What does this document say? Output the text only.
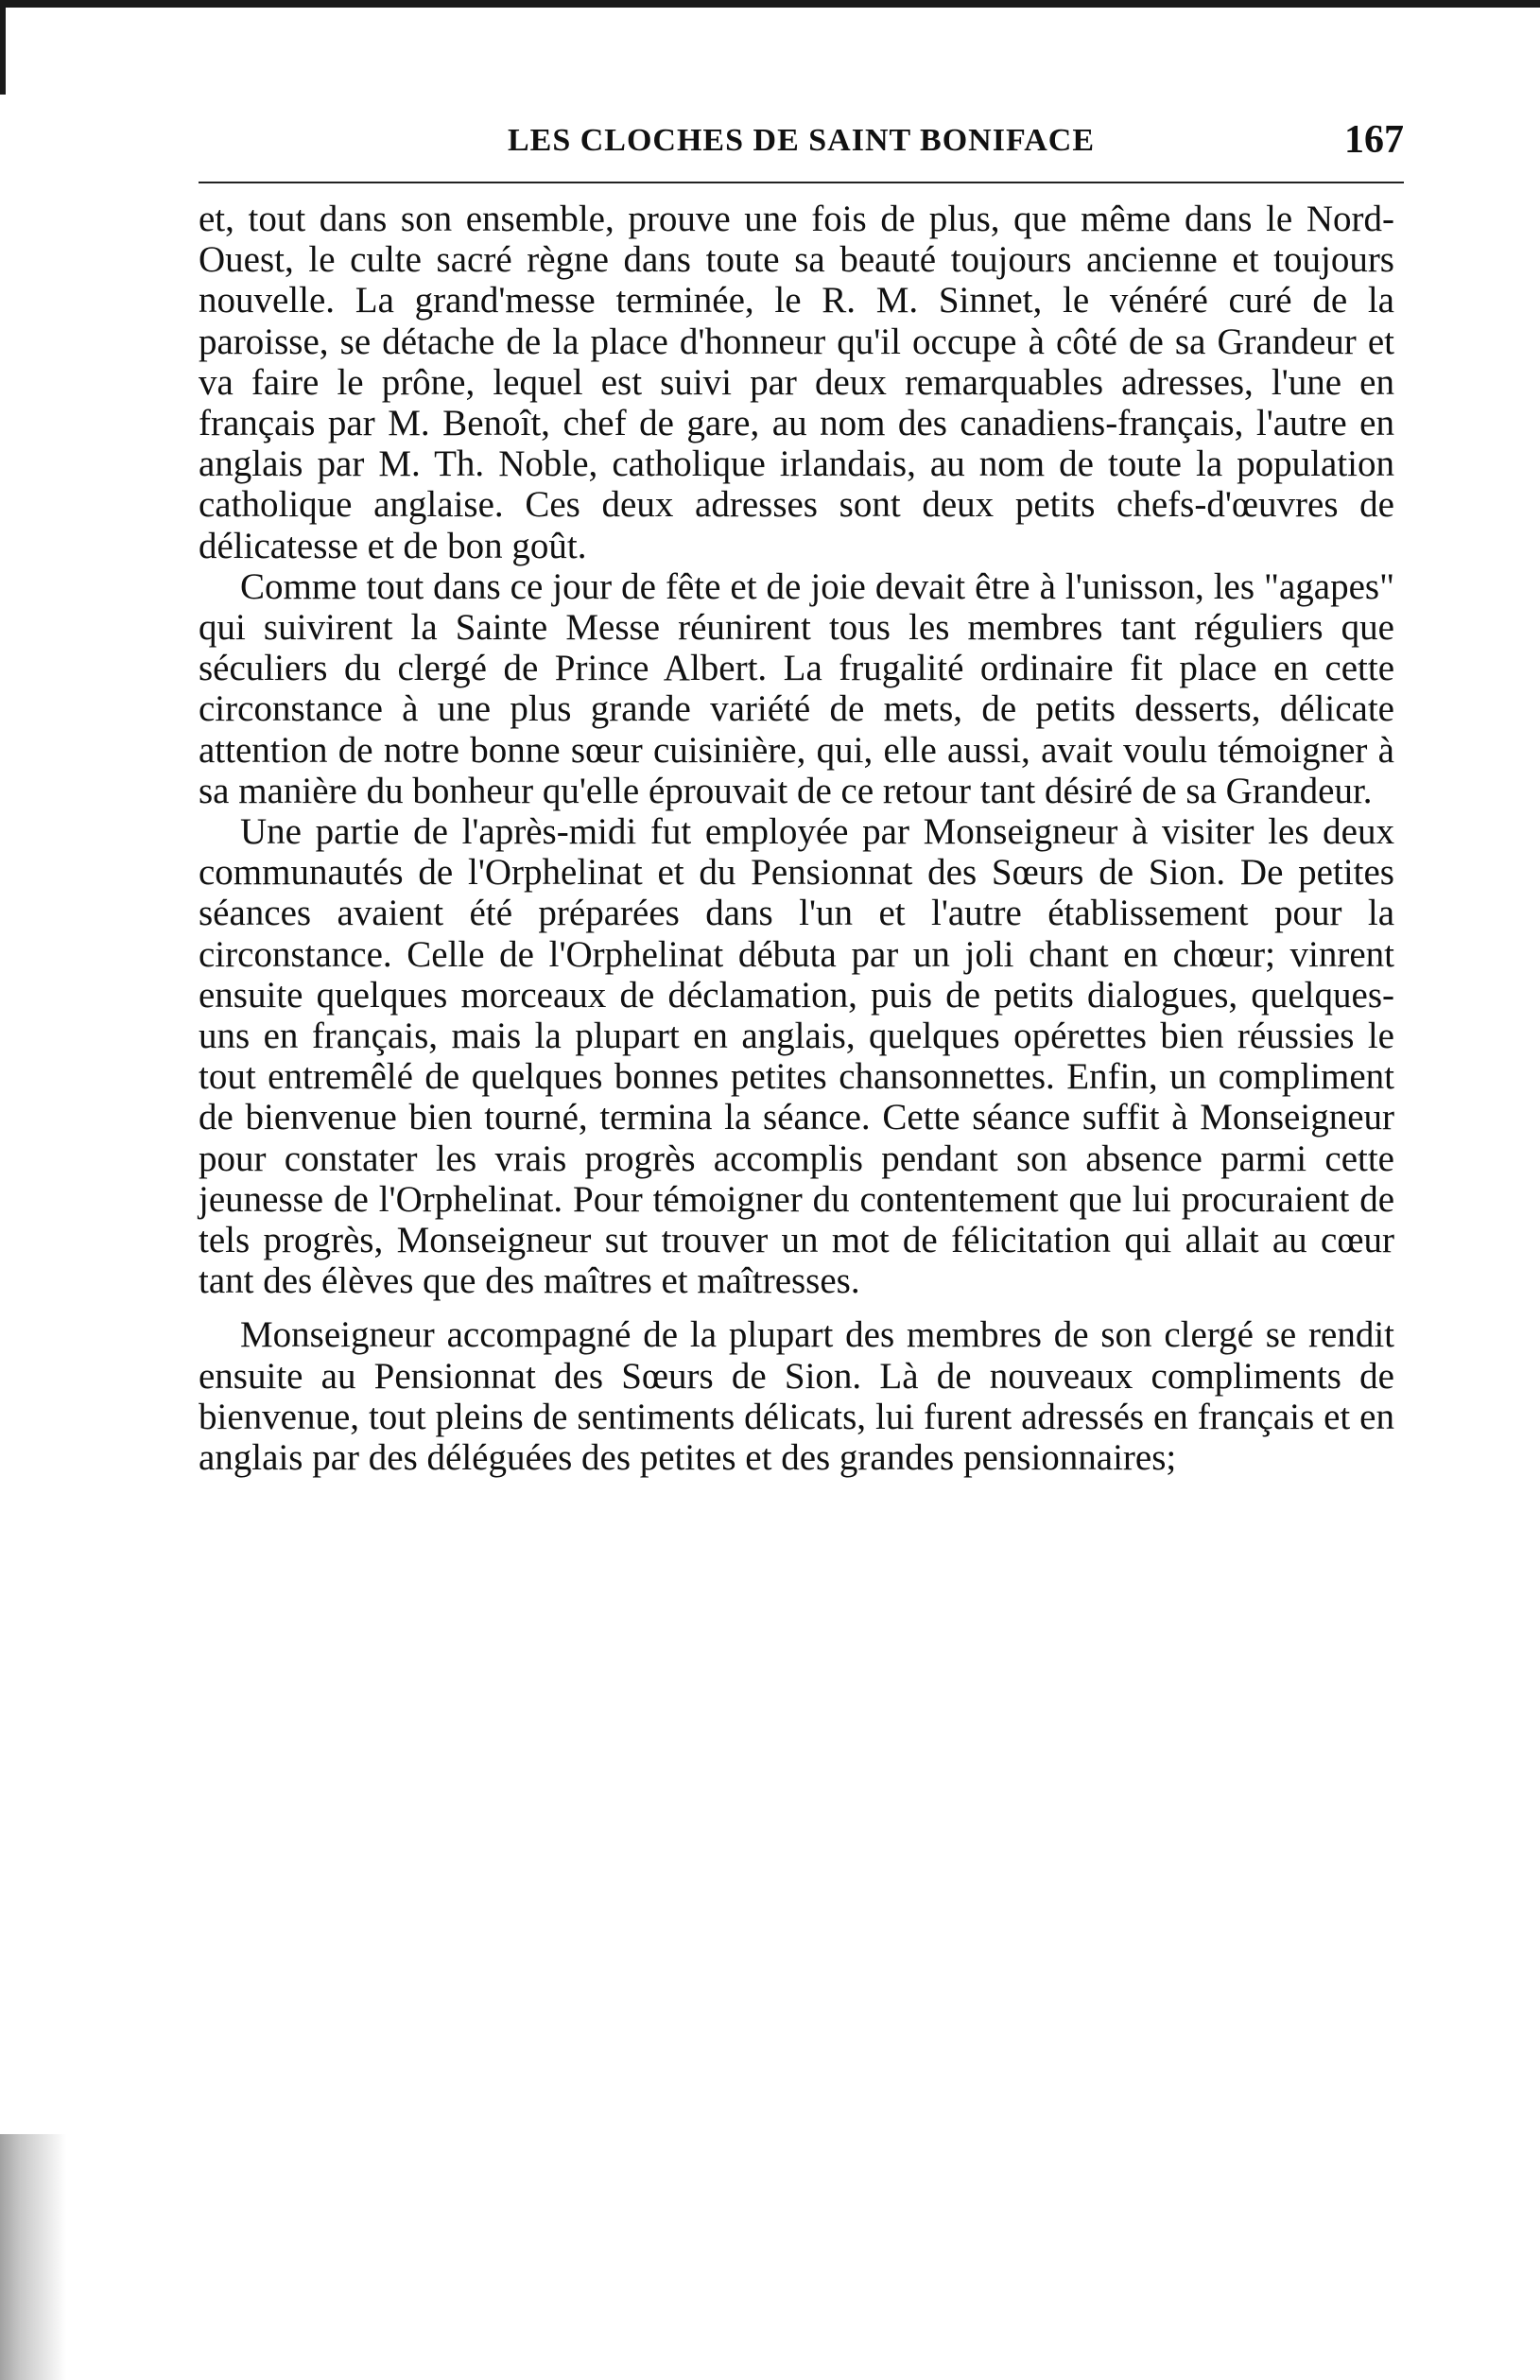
LES CLOCHES DE SAINT BONIFACE	167

et, tout dans son ensemble, prouve une fois de plus, que même dans le Nord-Ouest, le culte sacré règne dans toute sa beauté toujours ancienne et toujours nouvelle. La grand'messe terminée, le R. M. Sinnet, le vénéré curé de la paroisse, se détache de la place d'honneur qu'il occupe à côté de sa Grandeur et va faire le prône, lequel est suivi par deux remarquables adresses, l'une en français par M. Benoît, chef de gare, au nom des canadiens-français, l'autre en anglais par M. Th. Noble, catholique irlandais, au nom de toute la population catholique anglaise. Ces deux adresses sont deux petits chefs-d'œuvres de délicatesse et de bon goût.

Comme tout dans ce jour de fête et de joie devait être à l'unisson, les "agapes" qui suivirent la Sainte Messe réunirent tous les membres tant réguliers que séculiers du clergé de Prince Albert. La frugalité ordinaire fit place en cette circonstance à une plus grande variété de mets, de petits desserts, délicate attention de notre bonne sœur cuisinière, qui, elle aussi, avait voulu témoigner à sa manière du bonheur qu'elle éprouvait de ce retour tant désiré de sa Grandeur.

Une partie de l'après-midi fut employée par Monseigneur à visiter les deux communautés de l'Orphelinat et du Pensionnat des Sœurs de Sion. De petites séances avaient été préparées dans l'un et l'autre établissement pour la circonstance. Celle de l'Orphelinat débuta par un joli chant en chœur; vinrent ensuite quelques morceaux de déclamation, puis de petits dialogues, quelques-uns en français, mais la plupart en anglais, quelques opérettes bien réussies le tout entremêlé de quelques bonnes petites chansonnettes. Enfin, un compliment de bienvenue bien tourné, termina la séance. Cette séance suffit à Monseigneur pour constater les vrais progrès accomplis pendant son absence parmi cette jeunesse de l'Orphelinat. Pour témoigner du contentement que lui procuraient de tels progrès, Monseigneur sut trouver un mot de félicitation qui allait au cœur tant des élèves que des maîtres et maîtresses.

Monseigneur accompagné de la plupart des membres de son clergé se rendit ensuite au Pensionnat des Sœurs de Sion. Là de nouveaux compliments de bienvenue, tout pleins de sentiments délicats, lui furent adressés en français et en anglais par des déléguées des petites et des grandes pensionnaires;
